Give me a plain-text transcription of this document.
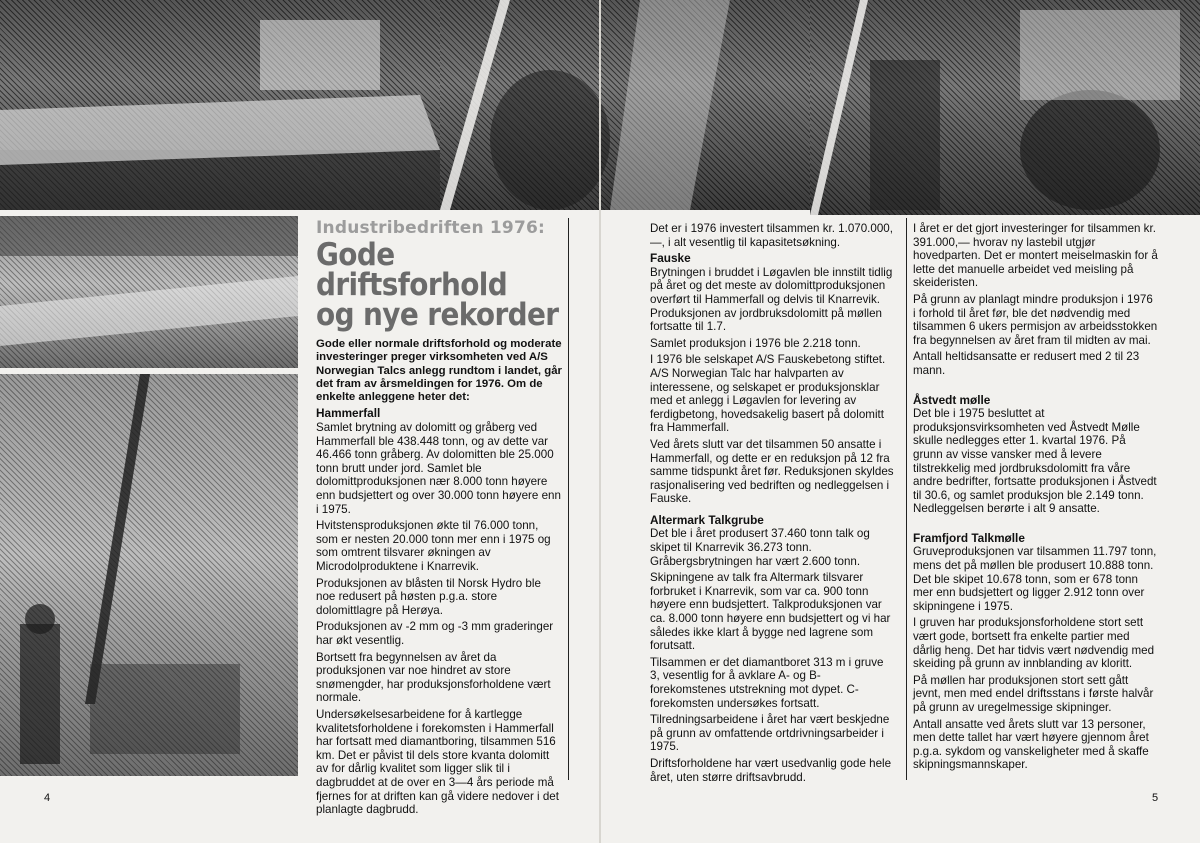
Industribedriften 1976:
Gode driftsforhold
og nye rekorder

Gode eller normale driftsforhold og moderate investeringer preger virksomheten ved A/S Norwegian Talcs anlegg rundtom i landet, går det fram av årsmeldingen for 1976. Om de enkelte anleggene heter det:

Hammerfall

Samlet brytning av dolomitt og gråberg ved Hammerfall ble 438.448 tonn, og av dette var 46.466 tonn gråberg. Av dolomitten ble 25.000 tonn brutt under jord. Samlet ble dolomittproduksjonen nær 8.000 tonn høyere enn budsjettert og over 30.000 tonn høyere enn i 1975.

Hvitstensproduksjonen økte til 76.000 tonn, som er nesten 20.000 tonn mer enn i 1975 og som omtrent tilsvarer økningen av Microdolproduktene i Knarrevik.

Produksjonen av blåsten til Norsk Hydro ble noe redusert på høsten p.g.a. store dolomittlagre på Herøya.

Produksjonen av -2 mm og -3 mm graderinger har økt vesentlig.

Bortsett fra begynnelsen av året da produksjonen var noe hindret av store snømengder, har produksjonsforholdene vært normale.

Undersøkelsesarbeidene for å kartlegge kvalitetsforholdene i forekomsten i Hammerfall har fortsatt med diamantboring, tilsammen 516 km. Det er påvist til dels store kvanta dolomitt av for dårlig kvalitet som ligger slik til i dagbruddet at de over en 3—4 års periode må fjernes for at driften kan gå videre nedover i det planlagte dagbrudd.

Det er i 1976 investert tilsammen kr. 1.070.000,—, i alt vesentlig til kapasitetsøkning.

Fauske

Brytningen i bruddet i Løgavlen ble innstilt tidlig på året og det meste av dolomittproduksjonen overført til Hammerfall og delvis til Knarrevik. Produksjonen av jordbruksdolomitt på møllen fortsatte til 1.7.

Samlet produksjon i 1976 ble 2.218 tonn.

I 1976 ble selskapet A/S Fauskebetong stiftet. A/S Norwegian Talc har halvparten av interessene, og selskapet er produksjonsklar med et anlegg i Løgavlen for levering av ferdigbetong, hovedsakelig basert på dolomitt fra Hammerfall.

Ved årets slutt var det tilsammen 50 ansatte i Hammerfall, og dette er en reduksjon på 12 fra samme tidspunkt året før. Reduksjonen skyldes rasjonalisering ved bedriften og nedleggelsen i Fauske.

Altermark Talkgrube

Det ble i året produsert 37.460 tonn talk og skipet til Knarrevik 36.273 tonn. Gråbergsbrytningen har vært 2.600 tonn.

Skipningene av talk fra Altermark tilsvarer forbruket i Knarrevik, som var ca. 900 tonn høyere enn budsjettert. Talkproduksjonen var ca. 8.000 tonn høyere enn budsjettert og vi har således ikke klart å bygge ned lagrene som forutsatt.

Tilsammen er det diamantboret 313 m i gruve 3, vesentlig for å avklare A- og B-forekomstenes utstrekning mot dypet. C-forekomsten undersøkes fortsatt.

Tilredningsarbeidene i året har vært beskjedne på grunn av omfattende ortdrivningsarbeider i 1975.

Driftsforholdene har vært usedvanlig gode hele året, uten større driftsavbrudd.

I året er det gjort investeringer for tilsammen kr. 391.000,— hvorav ny lastebil utgjør hovedparten. Det er montert meiselmaskin for å lette det manuelle arbeidet ved meisling på skeideristen.

På grunn av planlagt mindre produksjon i 1976 i forhold til året før, ble det nødvendig med tilsammen 6 ukers permisjon av arbeidsstokken fra begynnelsen av året fram til midten av mai.

Antall heltidsansatte er redusert med 2 til 23 mann.

Åstvedt mølle

Det ble i 1975 besluttet at produksjonsvirksomheten ved Åstvedt Mølle skulle nedlegges etter 1. kvartal 1976. På grunn av visse vansker med å levere tilstrekkelig med jordbruksdolomitt fra våre andre bedrifter, fortsatte produksjonen i Åstvedt til 30.6, og samlet produksjon ble 2.149 tonn. Nedleggelsen berørte i alt 9 ansatte.

Framfjord Talkmølle

Gruveproduksjonen var tilsammen 11.797 tonn, mens det på møllen ble produsert 10.888 tonn. Det ble skipet 10.678 tonn, som er 678 tonn mer enn budsjettert og ligger 2.912 tonn over skipningene i 1975.

I gruven har produksjonsforholdene stort sett vært gode, bortsett fra enkelte partier med dårlig heng. Det har tidvis vært nødvendig med skeiding på grunn av innblanding av kloritt.

På møllen har produksjonen stort sett gått jevnt, men med endel driftsstans i første halvår på grunn av uregelmessige skipninger.

Antall ansatte ved årets slutt var 13 personer, men dette tallet har vært høyere gjennom året p.g.a. sykdom og vanskeligheter med å skaffe skipningsmannskaper.

4	5
